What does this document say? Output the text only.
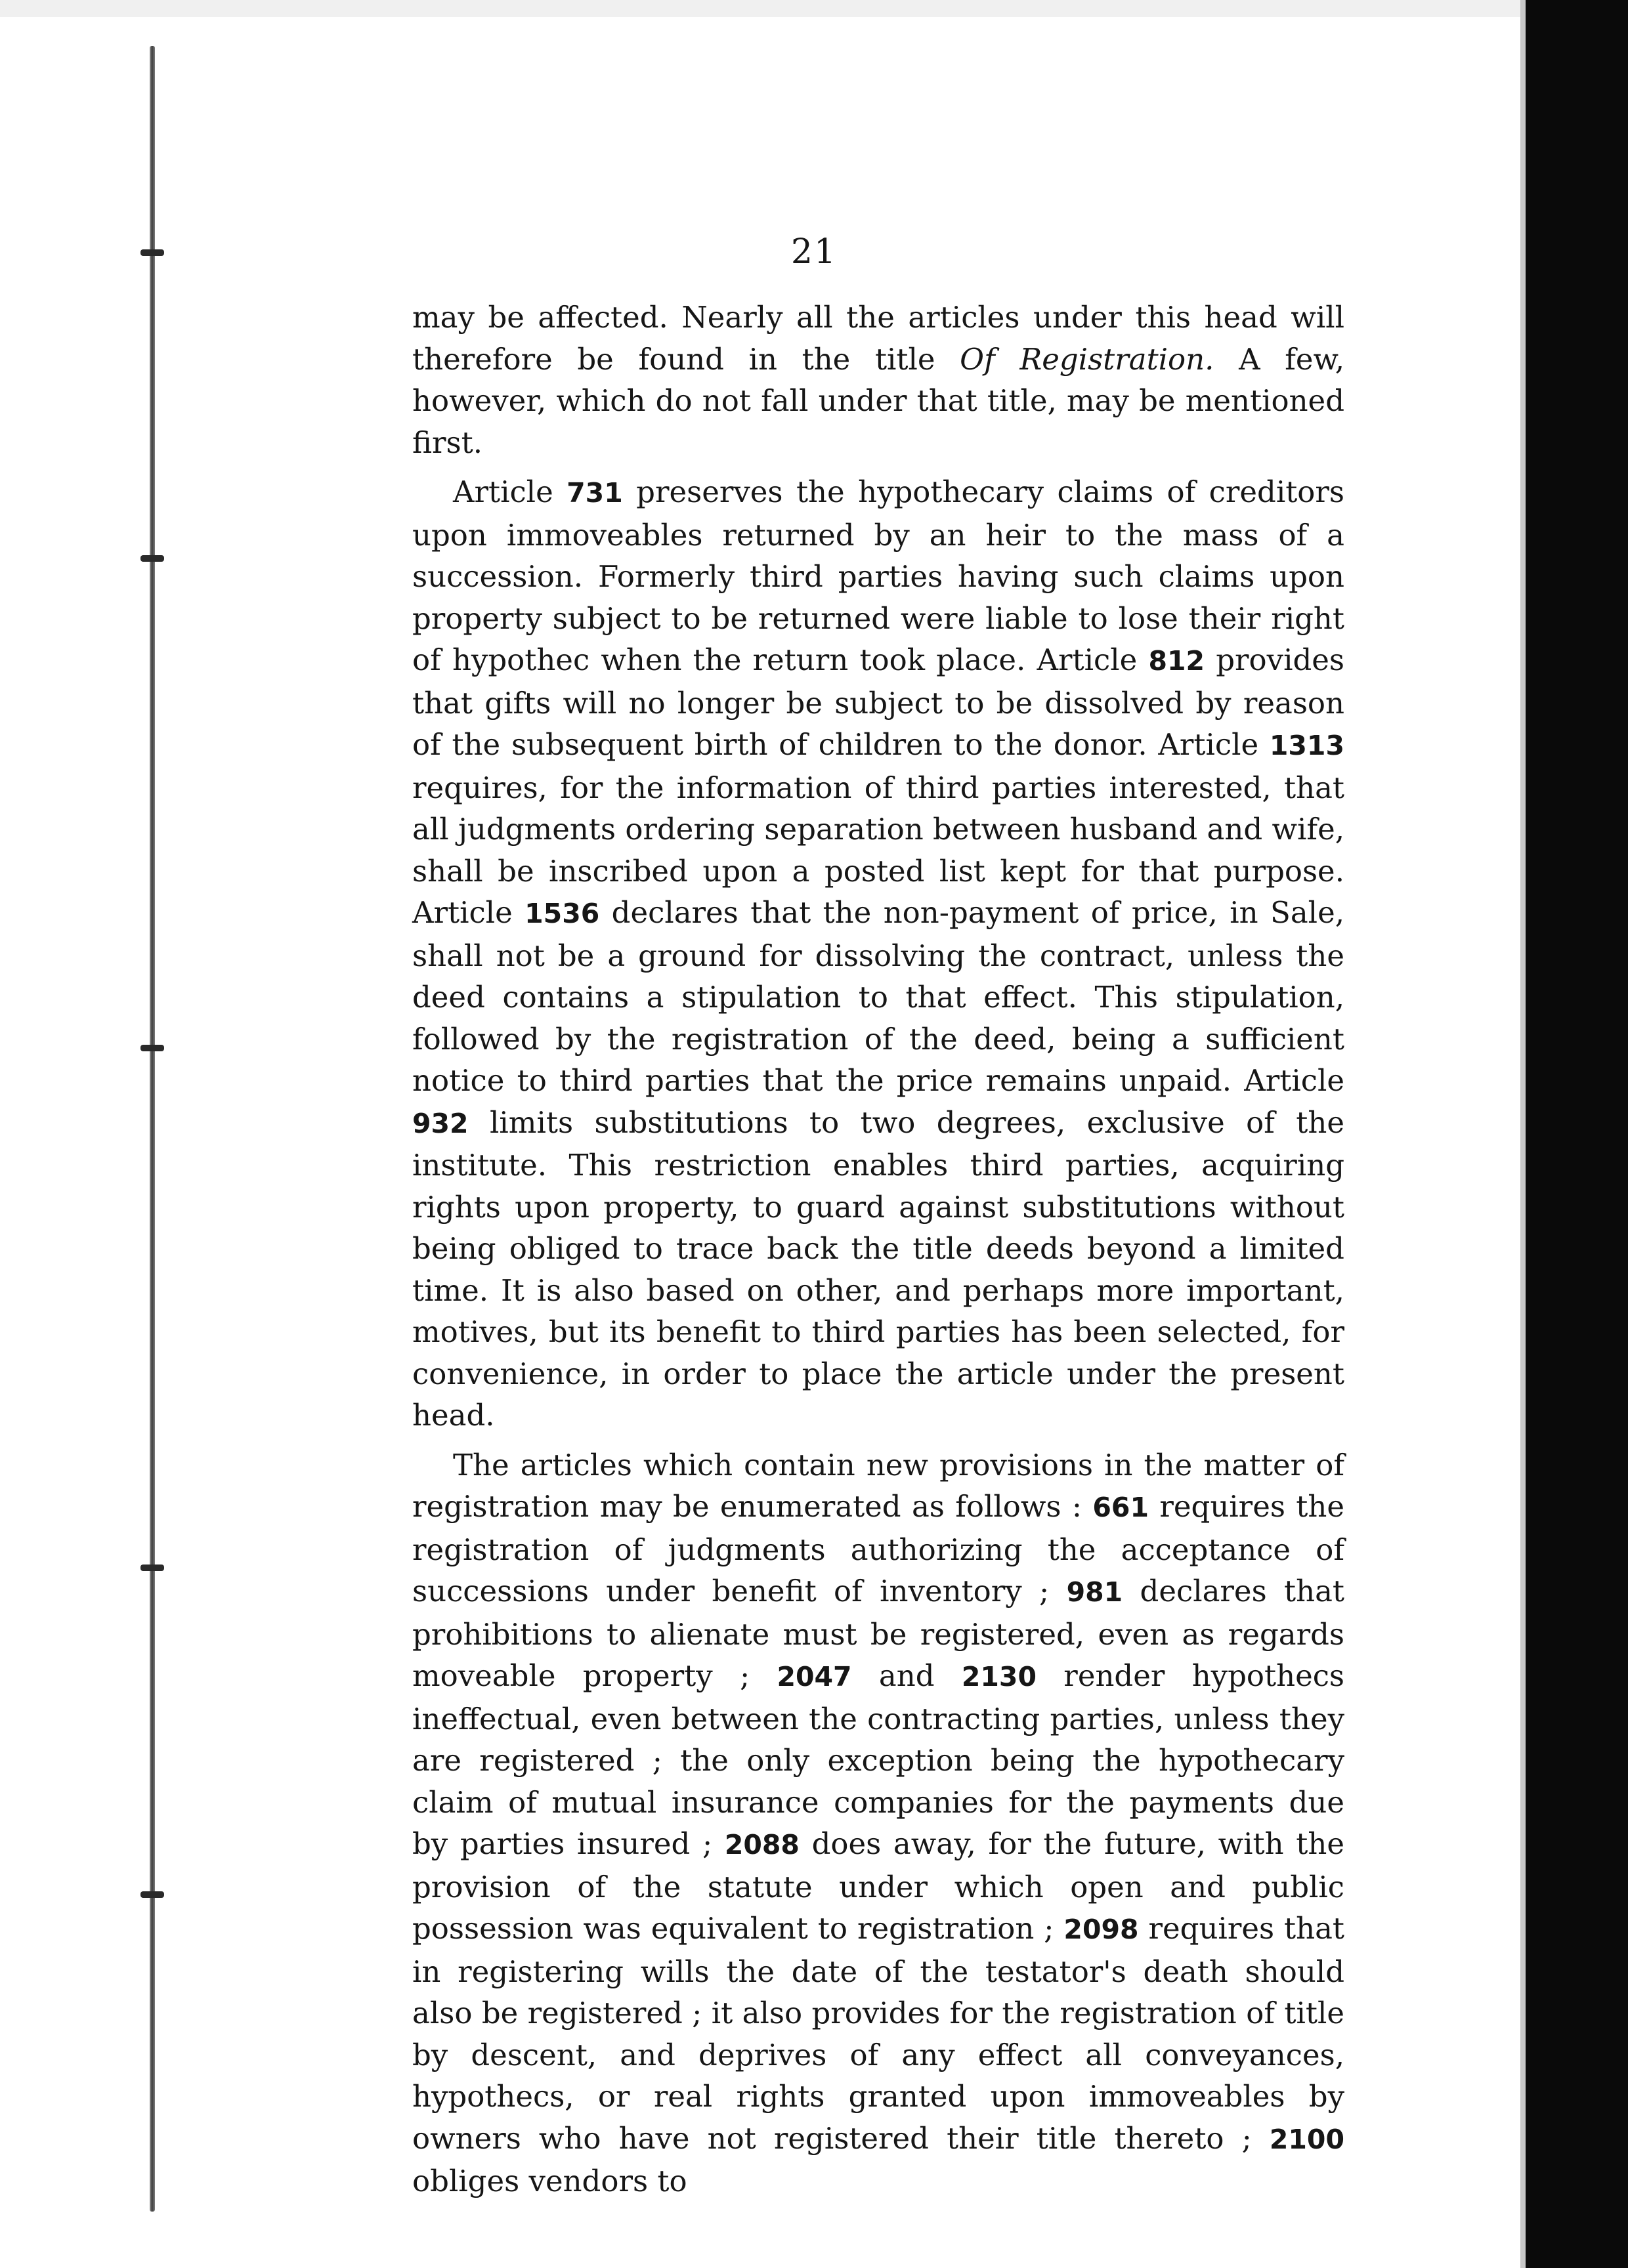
21

may be affected. Nearly all the articles under this head will therefore be found in the title Of Registration. A few, however, which do not fall under that title, may be mentioned first.

Article 731 preserves the hypothecary claims of creditors upon immoveables returned by an heir to the mass of a succession. Formerly third parties having such claims upon property subject to be returned were liable to lose their right of hypothec when the return took place. Article 812 provides that gifts will no longer be subject to be dissolved by reason of the subsequent birth of children to the donor. Article 1313 requires, for the information of third parties interested, that all judgments ordering separation between husband and wife, shall be inscribed upon a posted list kept for that purpose. Article 1536 declares that the non-payment of price, in Sale, shall not be a ground for dissolving the contract, unless the deed contains a stipulation to that effect. This stipulation, followed by the registration of the deed, being a sufficient notice to third parties that the price remains unpaid. Article 932 limits substitutions to two degrees, exclusive of the institute. This restriction enables third parties, acquiring rights upon property, to guard against substitutions without being obliged to trace back the title deeds beyond a limited time. It is also based on other, and perhaps more important, motives, but its benefit to third parties has been selected, for convenience, in order to place the article under the present head.

The articles which contain new provisions in the matter of registration may be enumerated as follows : 661 requires the registration of judgments authorizing the acceptance of successions under benefit of inventory ; 981 declares that prohibitions to alienate must be registered, even as regards moveable property ; 2047 and 2130 render hypothecs ineffectual, even between the contracting parties, unless they are registered ; the only exception being the hypothecary claim of mutual insurance companies for the payments due by parties insured ; 2088 does away, for the future, with the provision of the statute under which open and public possession was equivalent to registration ; 2098 requires that in registering wills the date of the testator's death should also be registered ; it also provides for the registration of title by descent, and deprives of any effect all conveyances, hypothecs, or real rights granted upon immoveables by owners who have not registered their title thereto ; 2100 obliges vendors to
